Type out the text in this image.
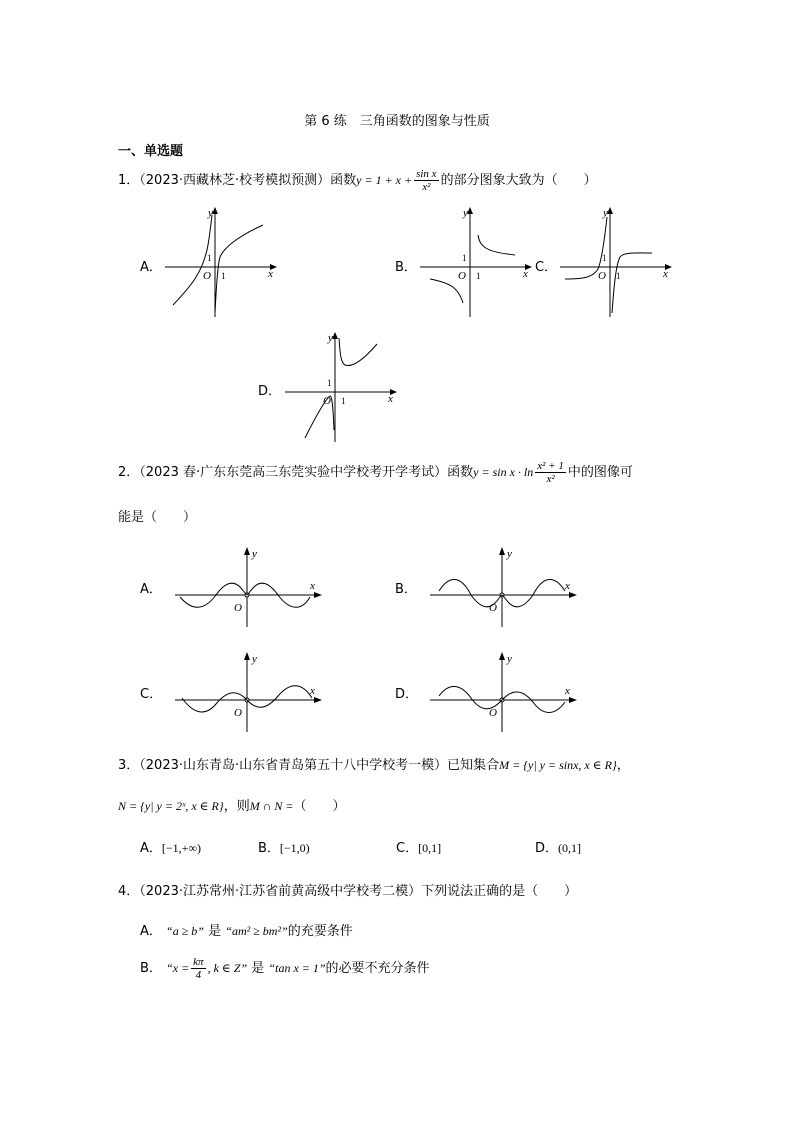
第 6 练　三角函数的图象与性质
一、单选题
1．（2023·西藏林芝·校考模拟预测）函数$y = 1 + x + \frac{\text{sin x}}{\text{x²}}$ 的部分图象大致为（　　）
A．
y
x
O
1
1
B．
y
x
O
1
1
C．
y
x
O
1
1
D．
y
x
O
1
1
2．（2023 春·广东东莞高三东莞实验中学校考开学考试）函数$y = \sin x \cdot \ln \frac{\text{x² + 1}}{\text{x²}}$ 中的图像可
能是（　　）
A．
y
x
O
B．
y
x
O
C．
y
x
O
D．
y
x
O
3．（2023·山东青岛·山东省青岛第五十八中学校考一模）已知集合M = {y| y = sinx, x ∈ R}，
N = {y| y = 2ˣ, x ∈ R}，则M ∩ N =（　　）
A．[−1,+∞)	B．[−1,0)	C．[0,1]	D．(0,1]
4．（2023·江苏常州·江苏省前黄高级中学校考二模）下列说法正确的是（　　）
A． “a ≥ b” 是 “am² ≥ bm²”的充要条件
B． “$x = \frac{k\pi}{4}$ , k ∈ Z” 是 “tan x = 1”的必要不充分条件
